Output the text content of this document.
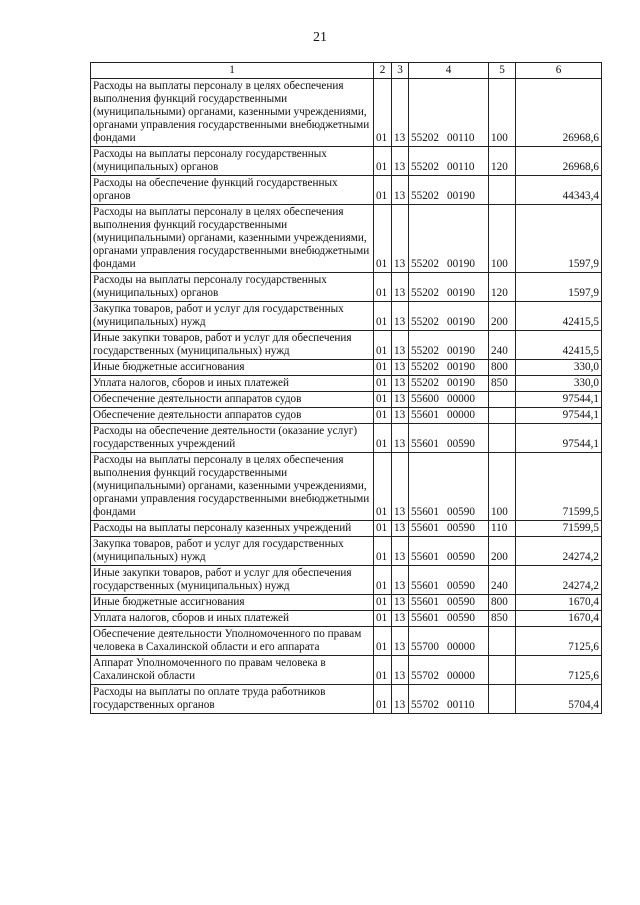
21
1	2	3	4	5	6
Расходы на выплаты персоналу в целях обеспечения выполнения функций государственными (муниципальными) органами, казенными учреждениями, органами управления государственными внебюджетными фондами	01	13	55202 00110	100	26968,6
Расходы на выплаты персоналу государственных (муниципальных) органов	01	13	55202 00110	120	26968,6
Расходы на обеспечение функций государственных органов	01	13	55202 00190		44343,4
Расходы на выплаты персоналу в целях обеспечения выполнения функций государственными (муниципальными) органами, казенными учреждениями, органами управления государственными внебюджетными фондами	01	13	55202 00190	100	1597,9
Расходы на выплаты персоналу государственных (муниципальных) органов	01	13	55202 00190	120	1597,9
Закупка товаров, работ и услуг для государственных (муниципальных) нужд	01	13	55202 00190	200	42415,5
Иные закупки товаров, работ и услуг для обеспечения государственных (муниципальных) нужд	01	13	55202 00190	240	42415,5
Иные бюджетные ассигнования	01	13	55202 00190	800	330,0
Уплата налогов, сборов и иных платежей	01	13	55202 00190	850	330,0
Обеспечение деятельности аппаратов судов	01	13	55600 00000		97544,1
Обеспечение деятельности аппаратов судов	01	13	55601 00000		97544,1
Расходы на обеспечение деятельности (оказание услуг) государственных учреждений	01	13	55601 00590		97544,1
Расходы на выплаты персоналу в целях обеспечения выполнения функций государственными (муниципальными) органами, казенными учреждениями, органами управления государственными внебюджетными фондами	01	13	55601 00590	100	71599,5
Расходы на выплаты персоналу казенных учреждений	01	13	55601 00590	110	71599,5
Закупка товаров, работ и услуг для государственных (муниципальных) нужд	01	13	55601 00590	200	24274,2
Иные закупки товаров, работ и услуг для обеспечения государственных (муниципальных) нужд	01	13	55601 00590	240	24274,2
Иные бюджетные ассигнования	01	13	55601 00590	800	1670,4
Уплата налогов, сборов и иных платежей	01	13	55601 00590	850	1670,4
Обеспечение деятельности Уполномоченного по правам человека в Сахалинской области и его аппарата	01	13	55700 00000		7125,6
Аппарат Уполномоченного по правам человека в Сахалинской области	01	13	55702 00000		7125,6
Расходы на выплаты по оплате труда работников государственных органов	01	13	55702 00110		5704,4
